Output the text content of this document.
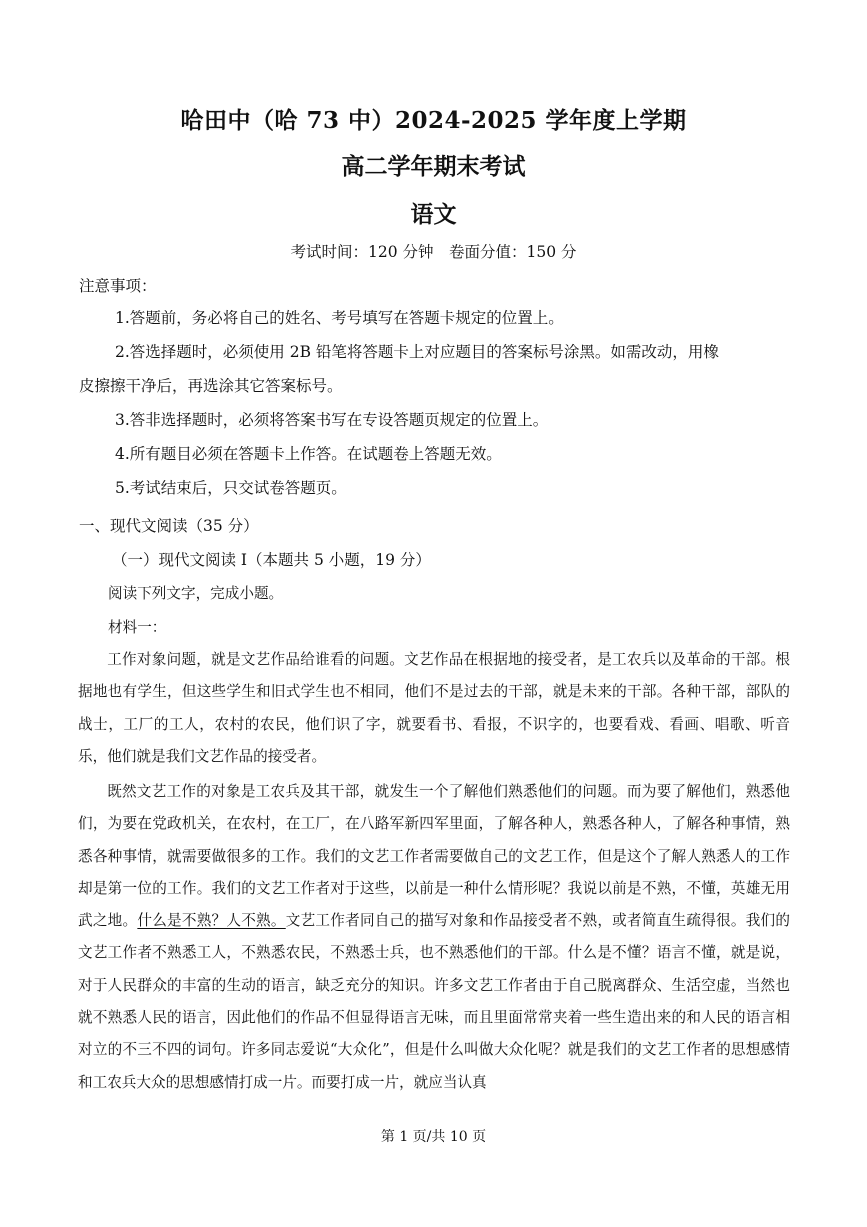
哈田中（哈 73 中）2024-2025 学年度上学期
高二学年期末考试
语文
考试时间：120 分钟　卷面分值：150 分
注意事项：
1.答题前，务必将自己的姓名、考号填写在答题卡规定的位置上。
2.答选择题时，必须使用 2B 铅笔将答题卡上对应题目的答案标号涂黑。如需改动，用橡
皮擦擦干净后，再选涂其它答案标号。
3.答非选择题时，必须将答案书写在专设答题页规定的位置上。
4.所有题目必须在答题卡上作答。在试题卷上答题无效。
5.考试结束后，只交试卷答题页。
一、现代文阅读（35 分）
（一）现代文阅读 I（本题共 5 小题，19 分）
阅读下列文字，完成小题。
材料一：
工作对象问题，就是文艺作品给谁看的问题。文艺作品在根据地的接受者，是工农兵以及革命的干部。根据地也有学生，但这些学生和旧式学生也不相同，他们不是过去的干部，就是未来的干部。各种干部，部队的战士，工厂的工人，农村的农民，他们识了字，就要看书、看报，不识字的，也要看戏、看画、唱歌、听音乐，他们就是我们文艺作品的接受者。
既然文艺工作的对象是工农兵及其干部，就发生一个了解他们熟悉他们的问题。而为要了解他们，熟悉他们，为要在党政机关，在农村，在工厂，在八路军新四军里面，了解各种人，熟悉各种人，了解各种事情，熟悉各种事情，就需要做很多的工作。我们的文艺工作者需要做自己的文艺工作，但是这个了解人熟悉人的工作却是第一位的工作。我们的文艺工作者对于这些，以前是一种什么情形呢？我说以前是不熟，不懂，英雄无用武之地。什么是不熟？人不熟。文艺工作者同自己的描写对象和作品接受者不熟，或者简直生疏得很。我们的文艺工作者不熟悉工人，不熟悉农民，不熟悉士兵，也不熟悉他们的干部。什么是不懂？语言不懂，就是说，对于人民群众的丰富的生动的语言，缺乏充分的知识。许多文艺工作者由于自己脱离群众、生活空虚，当然也就不熟悉人民的语言，因此他们的作品不但显得语言无味，而且里面常常夹着一些生造出来的和人民的语言相对立的不三不四的词句。许多同志爱说“大众化”，但是什么叫做大众化呢？就是我们的文艺工作者的思想感情和工农兵大众的思想感情打成一片。而要打成一片，就应当认真
第 1 页/共 10 页
